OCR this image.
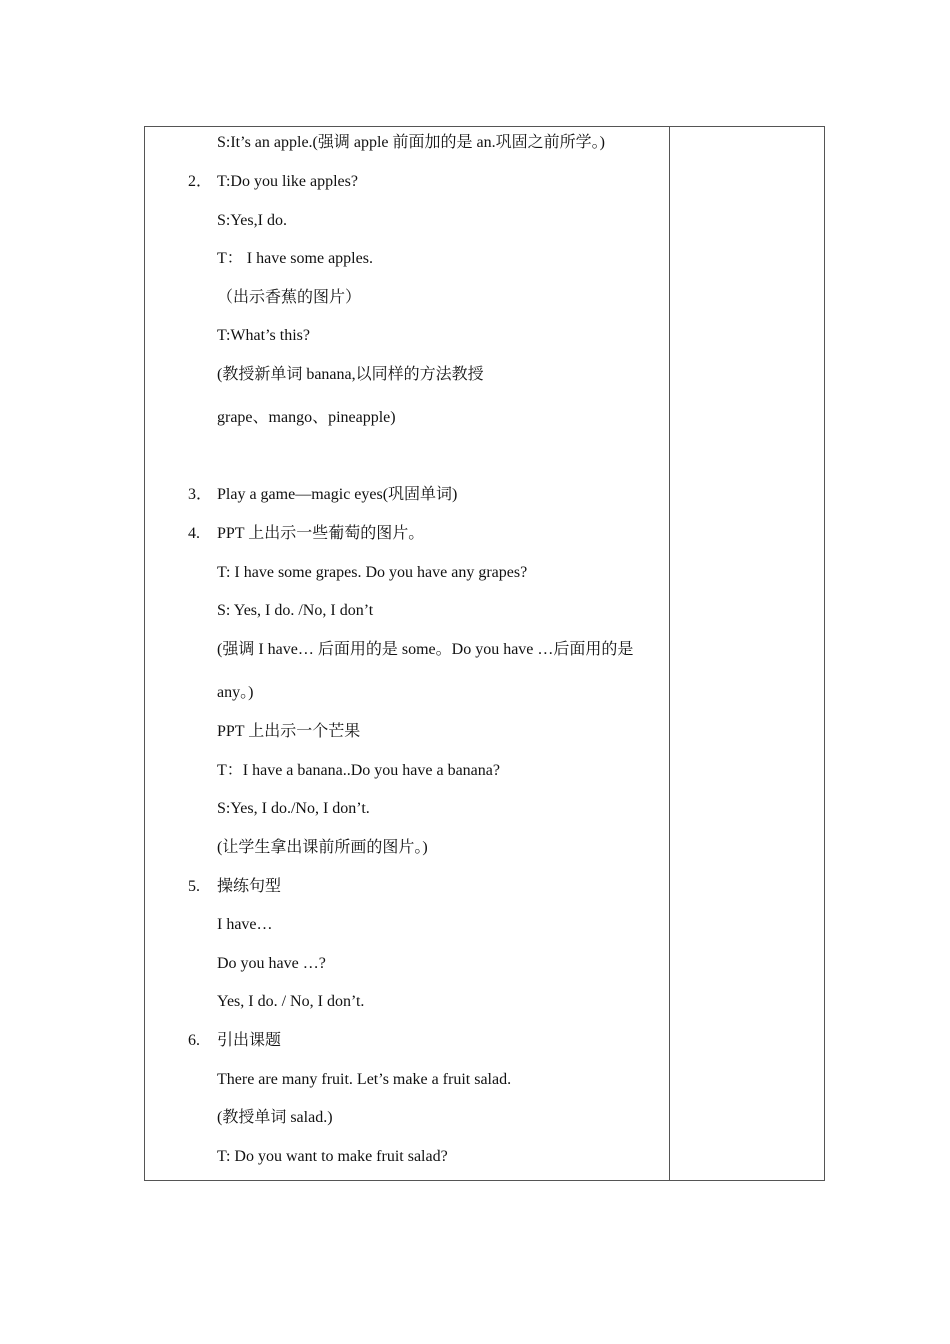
S:It’s an apple.(强调 apple 前面加的是 an.巩固之前所学。)
2． T:Do you like apples?
S:Yes,I do.
T： I have some apples.
（出示香蕉的图片）
T:What’s this?
(教授新单词 banana,以同样的方法教授
grape、mango、pineapple)
3． Play a game—magic eyes(巩固单词)
4. PPT 上出示一些葡萄的图片。
T: I have some grapes. Do you have any grapes?
S: Yes, I do. /No, I don’t
(强调 I have… 后面用的是 some。Do you have …后面用的是
any。)
PPT 上出示一个芒果
T：I have a banana..Do you have a banana?
S:Yes, I do./No, I don’t.
(让学生拿出课前所画的图片。)
5. 操练句型
I have…
Do you have …?
Yes, I do. / No, I don’t.
6. 引出课题
There are many fruit. Let’s make a fruit salad.
(教授单词 salad.)
T: Do you want to make fruit salad?
